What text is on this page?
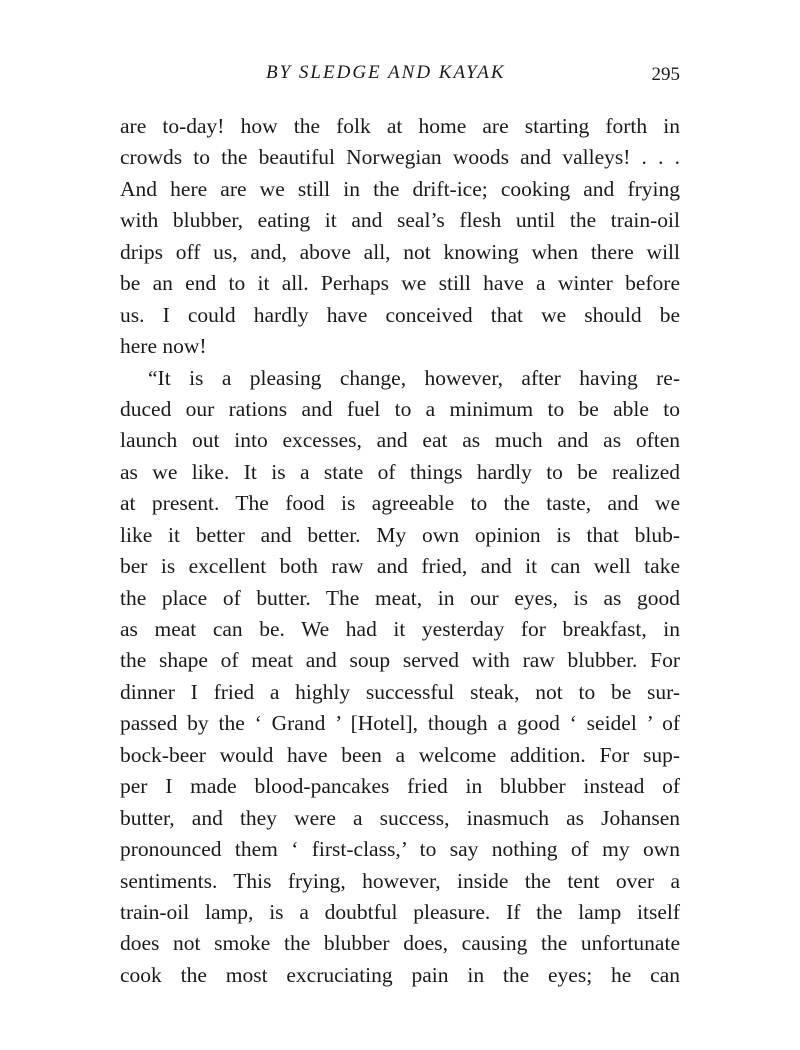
BY SLEDGE AND KAYAK	295
are to-day! how the folk at home are starting forth in
crowds to the beautiful Norwegian woods and valleys! . . .
And here are we still in the drift-ice; cooking and frying
with blubber, eating it and seal’s flesh until the train-oil
drips off us, and, above all, not knowing when there will
be an end to it all. Perhaps we still have a winter before
us. I could hardly have conceived that we should be
here now!
“It is a pleasing change, however, after having re-
duced our rations and fuel to a minimum to be able to
launch out into excesses, and eat as much and as often
as we like. It is a state of things hardly to be realized
at present. The food is agreeable to the taste, and we
like it better and better. My own opinion is that blub-
ber is excellent both raw and fried, and it can well take
the place of butter. The meat, in our eyes, is as good
as meat can be. We had it yesterday for breakfast, in
the shape of meat and soup served with raw blubber. For
dinner I fried a highly successful steak, not to be sur-
passed by the ‘ Grand ’ [Hotel], though a good ‘ seidel ’ of
bock-beer would have been a welcome addition. For sup-
per I made blood-pancakes fried in blubber instead of
butter, and they were a success, inasmuch as Johansen
pronounced them ‘ first-class,’ to say nothing of my own
sentiments. This frying, however, inside the tent over a
train-oil lamp, is a doubtful pleasure. If the lamp itself
does not smoke the blubber does, causing the unfortunate
cook the most excruciating pain in the eyes; he can
